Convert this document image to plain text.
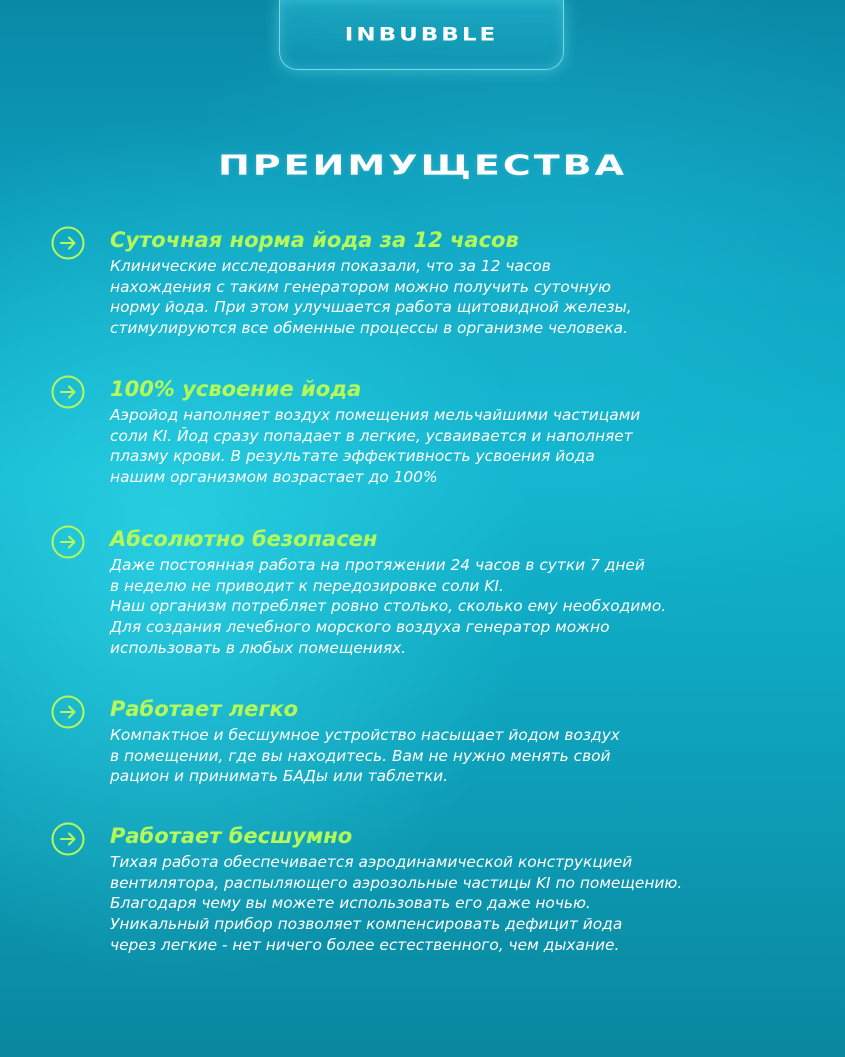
INBUBBLE
ПРЕИМУЩЕСТВА
Суточная норма йода за 12 часов

Клинические исследования показали, что за 12 часов
нахождения с таким генератором можно получить суточную
норму йода. При этом улучшается работа щитовидной железы,
стимулируются все обменные процессы в организме человека.

100% усвоение йода

Аэройод наполняет воздух помещения мельчайшими частицами
соли KI. Йод сразу попадает в легкие, усваивается и наполняет
плазму крови. В результате эффективность усвоения йода
нашим организмом возрастает до 100%

Абсолютно безопасен

Даже постоянная работа на протяжении 24 часов в сутки 7 дней
в неделю не приводит к передозировке соли KI.
Наш организм потребляет ровно столько, сколько ему необходимо.
Для создания лечебного морского воздуха генератор можно
использовать в любых помещениях.

Работает легко

Компактное и бесшумное устройство насыщает йодом воздух
в помещении, где вы находитесь. Вам не нужно менять свой
рацион и принимать БАДы или таблетки.

Работает бесшумно

Тихая работа обеспечивается аэродинамической конструкцией
вентилятора, распыляющего аэрозольные частицы KI по помещению.
Благодаря чему вы можете использовать его даже ночью.
Уникальный прибор позволяет компенсировать дефицит йода
через легкие - нет ничего более естественного, чем дыхание.
